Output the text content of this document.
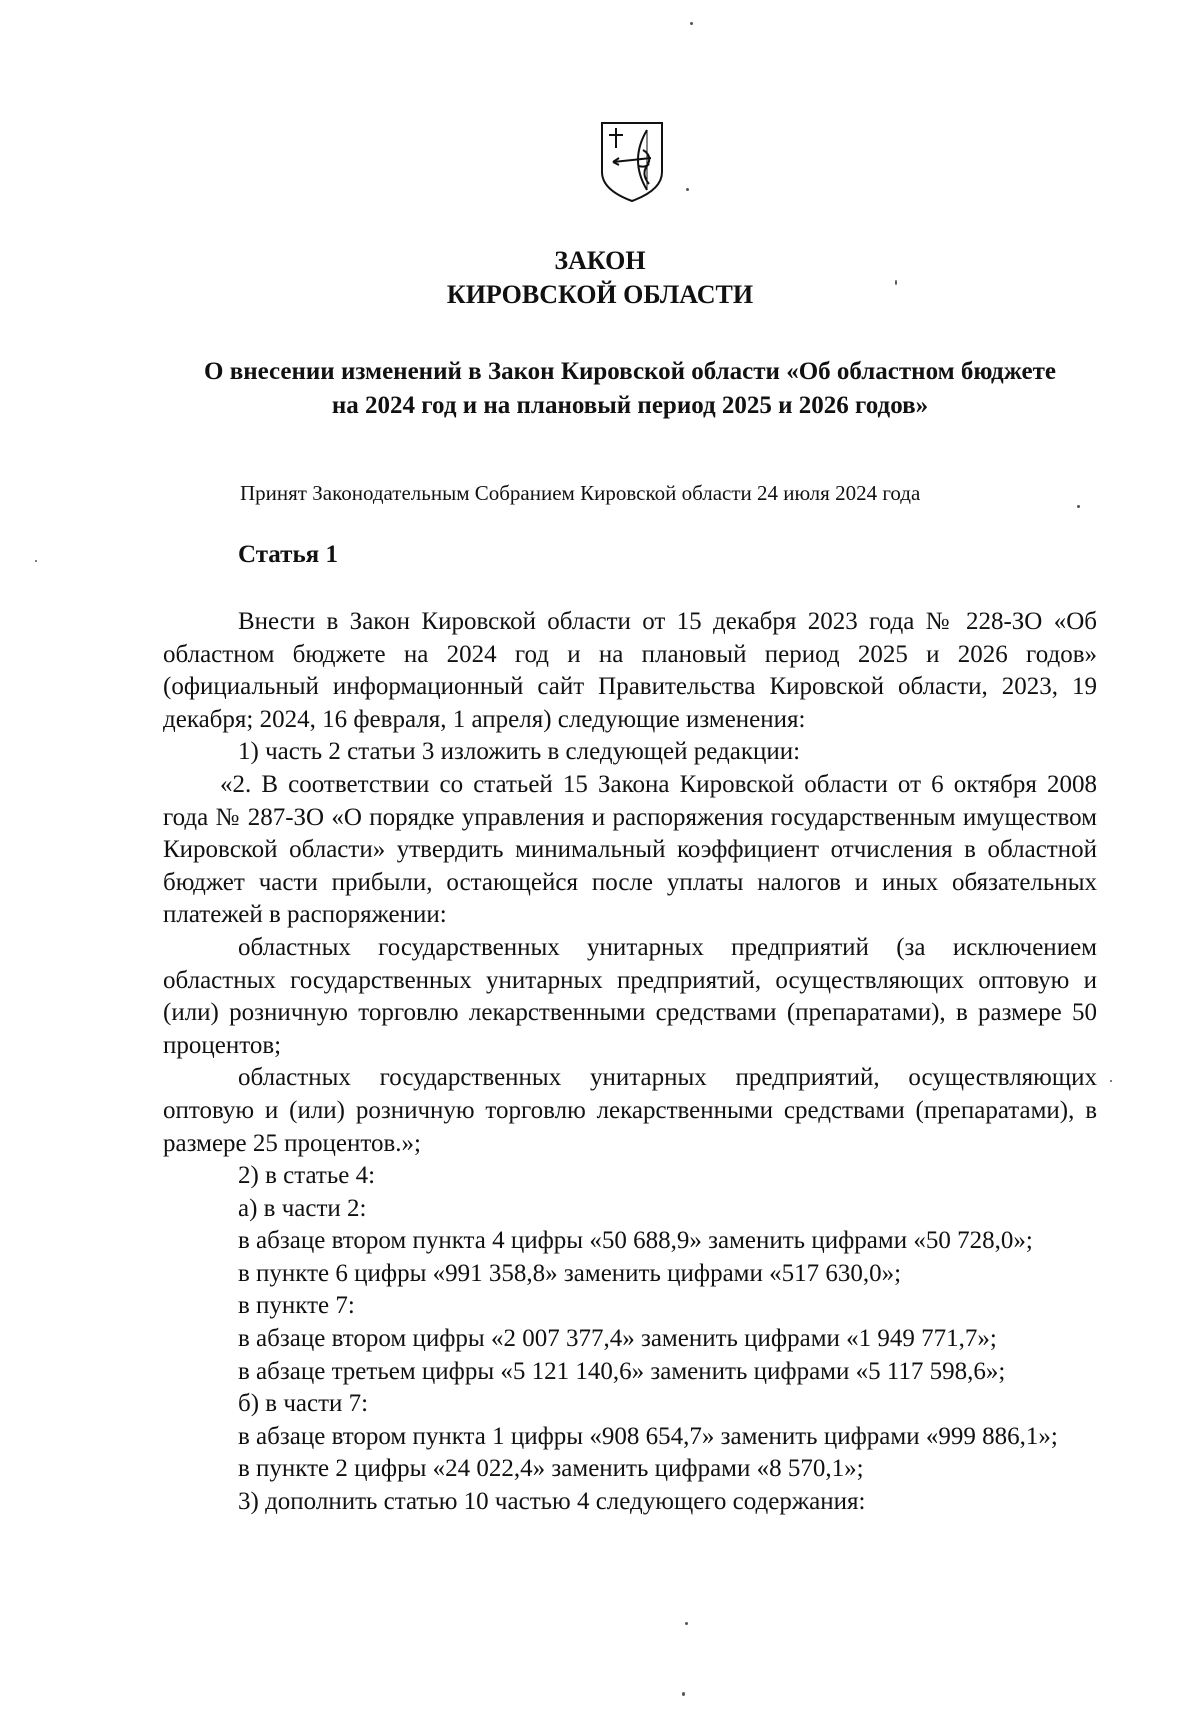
ЗАКОН
КИРОВСКОЙ ОБЛАСТИ
О внесении изменений в Закон Кировской области «Об областном бюджете на 2024 год и на плановый период 2025 и 2026 годов»
Принят Законодательным Собранием Кировской области 24 июля 2024 года
Статья 1

Внести в Закон Кировской области от 15 декабря 2023 года № 228-ЗО «Об областном бюджете на 2024 год и на плановый период 2025 и 2026 годов» (официальный информационный сайт Правительства Кировской области, 2023, 19 декабря; 2024, 16 февраля, 1 апреля) следующие изменения:

1) часть 2 статьи 3 изложить в следующей редакции:

«2. В соответствии со статьей 15 Закона Кировской области от 6 октября 2008 года № 287-ЗО «О порядке управления и распоряжения государственным имуществом Кировской области» утвердить минимальный коэффициент отчисления в областной бюджет части прибыли, остающейся после уплаты налогов и иных обязательных платежей в распоряжении:

областных государственных унитарных предприятий (за исключением областных государственных унитарных предприятий, осуществляющих оптовую и (или) розничную торговлю лекарственными средствами (препаратами), в размере 50 процентов;

областных государственных унитарных предприятий, осуществляющих оптовую и (или) розничную торговлю лекарственными средствами (препаратами), в размере 25 процентов.»;

2) в статье 4:

а) в части 2:

в абзаце втором пункта 4 цифры «50 688,9» заменить цифрами «50 728,0»;

в пункте 6 цифры «991 358,8» заменить цифрами «517 630,0»;

в пункте 7:

в абзаце втором цифры «2 007 377,4» заменить цифрами «1 949 771,7»;

в абзаце третьем цифры «5 121 140,6» заменить цифрами «5 117 598,6»;

б) в части 7:

в абзаце втором пункта 1 цифры «908 654,7» заменить цифрами «999 886,1»;

в пункте 2 цифры «24 022,4» заменить цифрами «8 570,1»;

3) дополнить статью 10 частью 4 следующего содержания:
